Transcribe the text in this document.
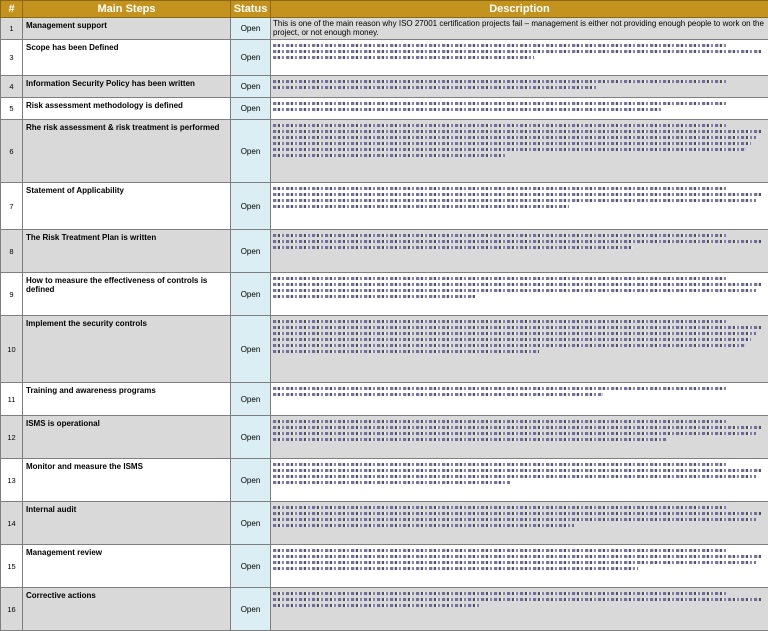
#	Main Steps	Status	Description
1	Management support	Open	This is one of the main reason why ISO 27001 certification projects fail – management is either not providing enough people to work on the project, or not enough money.
3	Scope has been Defined	Open	

4	Information Security Policy has been written	Open	

5	Risk assessment methodology is defined	Open	

6	Rhe risk assessment & risk treatment is performed	Open	

7	Statement of Applicability	Open	

8	The Risk Treatment Plan is written	Open	

9	How to measure the effectiveness of controls is defined	Open	

10	Implement the security controls	Open	

11	Training and awareness programs	Open	

12	ISMS is operational	Open	

13	Monitor and measure the ISMS	Open	

14	Internal audit	Open	

15	Management review	Open	

16	Corrective actions	Open	
